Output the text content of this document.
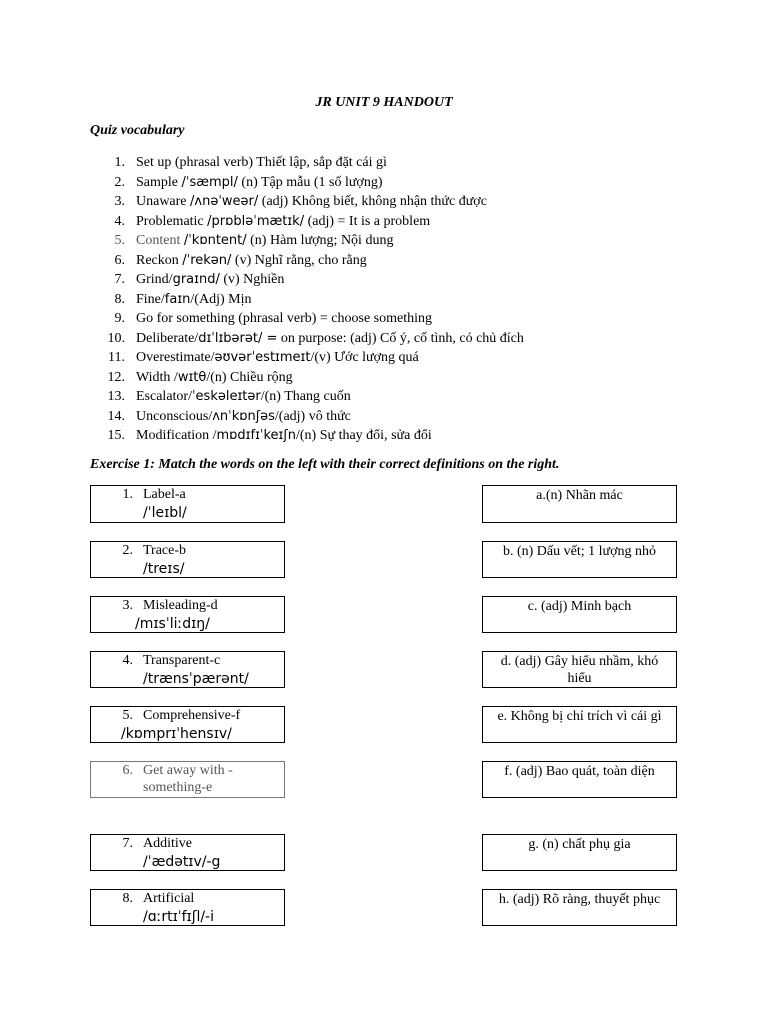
JR UNIT 9 HANDOUT
Quiz vocabulary
1. Set up (phrasal verb) Thiết lập, sắp đặt cái gì
2. Sample /ˈsæmpl/ (n) Tập mẫu (1 số lượng)
3. Unaware /ʌnəˈweər/ (adj) Không biết, không nhận thức được
4. Problematic /prɒbləˈmætɪk/ (adj) = It is a problem
5. Content /ˈkɒntent/ (n) Hàm lượng; Nội dung
6. Reckon /ˈrekən/ (v) Nghĩ rằng, cho rằng
7. Grind/graɪnd/ (v) Nghiền
8. Fine/faɪn/(Adj) Mịn
9. Go for something (phrasal verb) = choose something
10. Deliberate/dɪˈlɪbərət/ = on purpose: (adj) Cố ý, cố tình, có chủ đích
11. Overestimate/əʊvərˈestɪmeɪt/(v) Ước lượng quá
12. Width /wɪtθ/(n) Chiều rộng
13. Escalator/ˈeskəleɪtər/(n) Thang cuốn
14. Unconscious/ʌnˈkɒnʃəs/(adj) vô thức
15. Modification /mɒdɪfɪˈkeɪʃn/(n) Sự thay đổi, sửa đổi
Exercise 1: Match the words on the left with their correct definitions on the right.
1. Label-a
/ˈleɪbl/
2. Trace-b
/treɪs/
3. Misleading-d
/mɪsˈliːdɪŋ/
4. Transparent-c
/trænsˈpærənt/
5. Comprehensive-f
/kɒmprɪˈhensɪv/
6. Get away with -
something-e
7. Additive
/ˈædətɪv/-g
8. Artificial
/ɑːrtɪˈfɪʃl/-i
a.(n) Nhãn mác
b. (n) Dấu vết; 1 lượng nhỏ
c. (adj) Minh bạch
d. (adj) Gây hiểu nhầm, khó hiểu
e. Không bị chỉ trích vì cái gì
f. (adj) Bao quát, toàn diện
g. (n) chất phụ gia
h. (adj) Rõ ràng, thuyết phục
